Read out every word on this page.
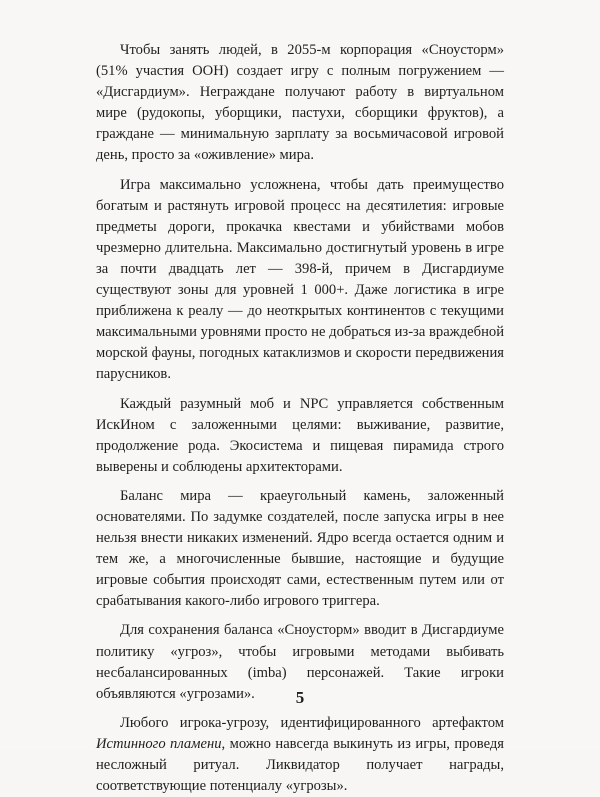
Чтобы занять людей, в 2055-м корпорация «Сноусторм» (51% участия ООН) создает игру с полным погружением — «Дисгардиум». Неграждане получают работу в виртуальном мире (рудокопы, уборщики, пастухи, сборщики фруктов), а граждане — минимальную зарплату за восьмичасовой игровой день, просто за «оживление» мира.

Игра максимально усложнена, чтобы дать преимущество богатым и растянуть игровой процесс на десятилетия: игровые предметы дороги, прокачка квестами и убийствами мобов чрезмерно длительна. Максимально достигнутый уровень в игре за почти двадцать лет — 398-й, причем в Дисгардиуме существуют зоны для уровней 1 000+. Даже логистика в игре приближена к реалу — до неоткрытых континентов с текущими максимальными уровнями просто не добраться из-за враждебной морской фауны, погодных катаклизмов и скорости передвижения парусников.

Каждый разумный моб и NPC управляется собственным ИскИном с заложенными целями: выживание, развитие, продолжение рода. Экосистема и пищевая пирамида строго выверены и соблюдены архитекторами.

Баланс мира — краеугольный камень, заложенный основателями. По задумке создателей, после запуска игры в нее нельзя внести никаких изменений. Ядро всегда остается одним и тем же, а многочисленные бывшие, настоящие и будущие игровые события происходят сами, естественным путем или от срабатывания какого-либо игрового триггера.

Для сохранения баланса «Сноусторм» вводит в Дисгардиуме политику «угроз», чтобы игровыми методами выбивать несбалансированных (imba) персонажей. Такие игроки объявляются «угрозами».

Любого игрока-угрозу, идентифицированного артефактом Истинного пламени, можно навсегда выкинуть из игры, проведя несложный ритуал. Ликвидатор получает награды, соответствующие потенциалу «угрозы».

5
